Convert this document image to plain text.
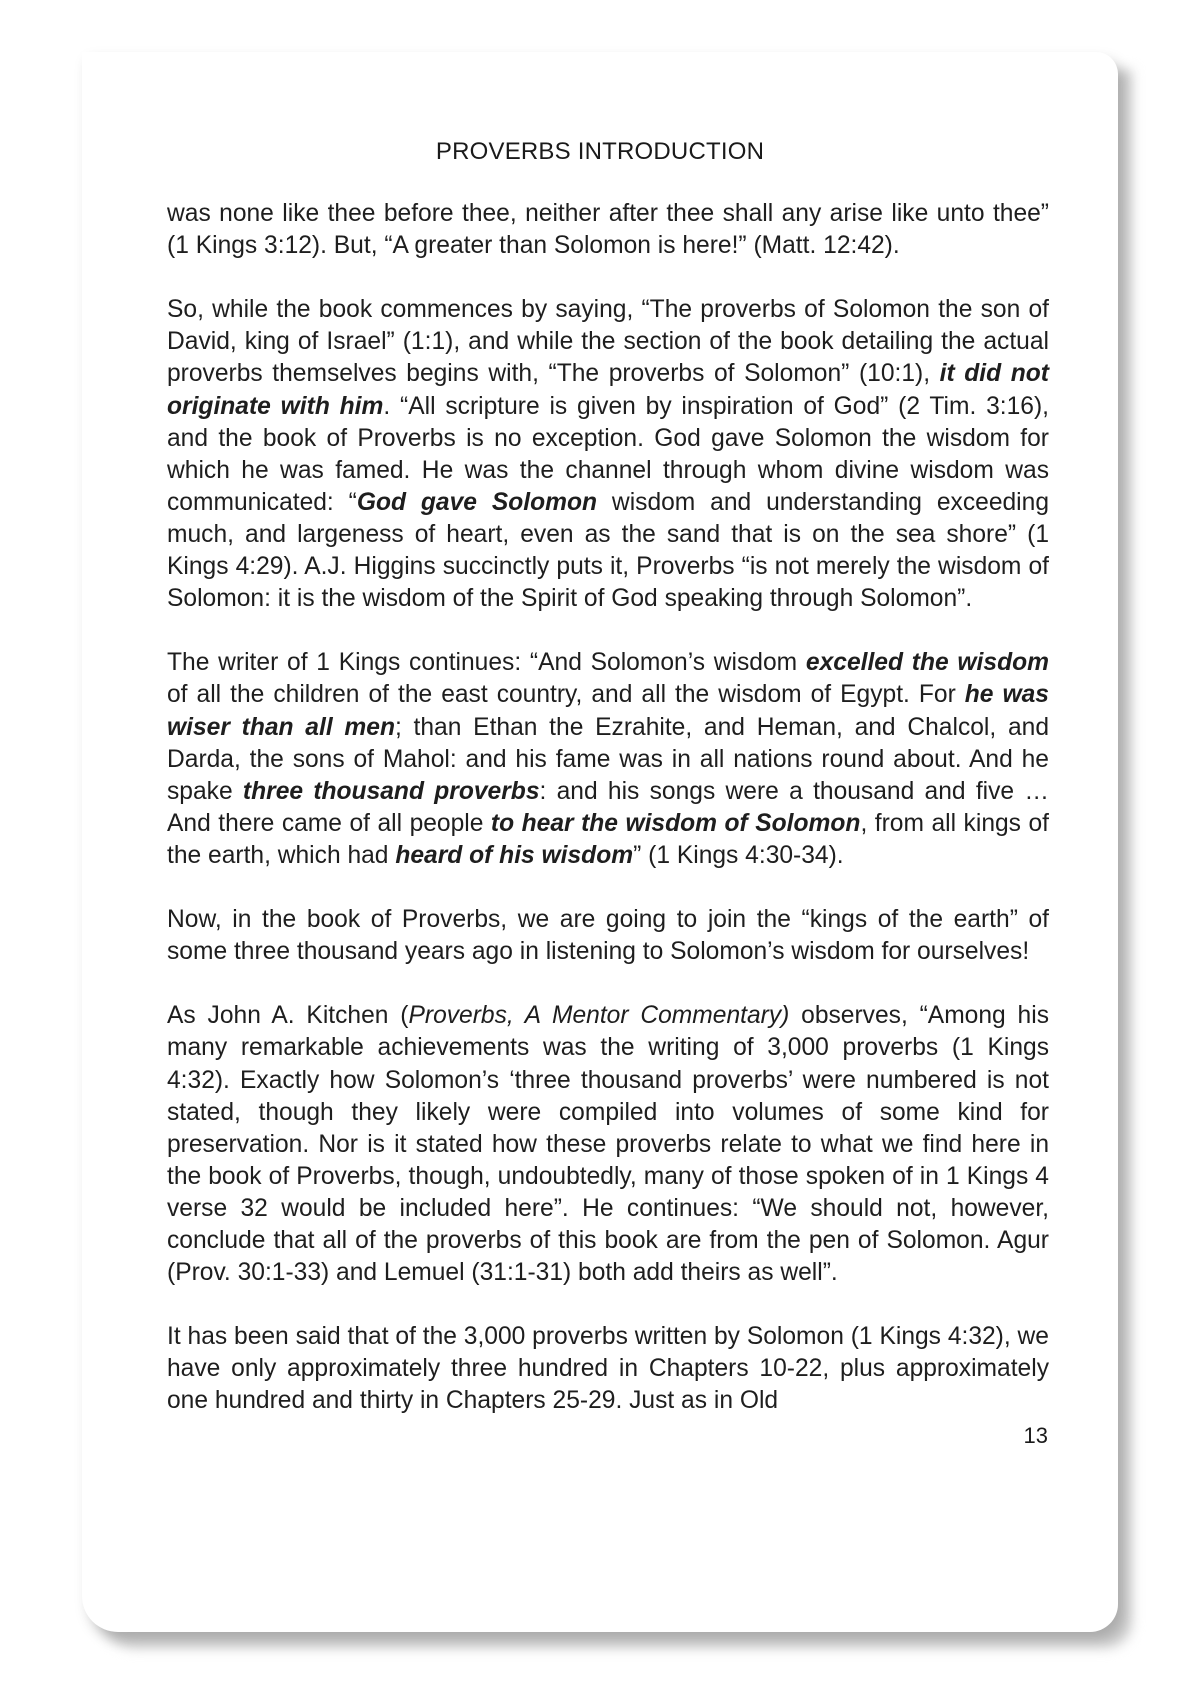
PROVERBS INTRODUCTION

was none like thee before thee, neither after thee shall any arise like unto thee” (1 Kings 3:12). But, “A greater than Solomon is here!” (Matt. 12:42).

So, while the book commences by saying, “The proverbs of Solomon the son of David, king of Israel” (1:1), and while the section of the book detailing the actual proverbs themselves begins with, “The proverbs of Solomon” (10:1), it did not originate with him. “All scripture is given by inspiration of God” (2 Tim. 3:16), and the book of Proverbs is no exception. God gave Solomon the wisdom for which he was famed. He was the channel through whom divine wisdom was communicated: “God gave Solomon wisdom and understanding exceeding much, and largeness of heart, even as the sand that is on the sea shore” (1 Kings 4:29). A.J. Higgins succinctly puts it, Proverbs “is not merely the wisdom of Solomon: it is the wisdom of the Spirit of God speaking through Solomon”.

The writer of 1 Kings continues: “And Solomon’s wisdom excelled the wisdom of all the children of the east country, and all the wisdom of Egypt. For he was wiser than all men; than Ethan the Ezrahite, and Heman, and Chalcol, and Darda, the sons of Mahol: and his fame was in all nations round about. And he spake three thousand proverbs: and his songs were a thousand and five … And there came of all people to hear the wisdom of Solomon, from all kings of the earth, which had heard of his wisdom” (1 Kings 4:30-34).

Now, in the book of Proverbs, we are going to join the “kings of the earth” of some three thousand years ago in listening to Solomon’s wisdom for ourselves!

As John A. Kitchen (Proverbs, A Mentor Commentary) observes, “Among his many remarkable achievements was the writing of 3,000 proverbs (1 Kings 4:32). Exactly how Solomon’s ‘three thousand proverbs’ were numbered is not stated, though they likely were compiled into volumes of some kind for preservation. Nor is it stated how these proverbs relate to what we find here in the book of Proverbs, though, undoubtedly, many of those spoken of in 1 Kings 4 verse 32 would be included here”. He continues: “We should not, however, conclude that all of the proverbs of this book are from the pen of Solomon. Agur (Prov. 30:1-33) and Lemuel (31:1-31) both add theirs as well”.

It has been said that of the 3,000 proverbs written by Solomon (1 Kings 4:32), we have only approximately three hundred in Chapters 10-22, plus approximately one hundred and thirty in Chapters 25-29. Just as in Old

13
